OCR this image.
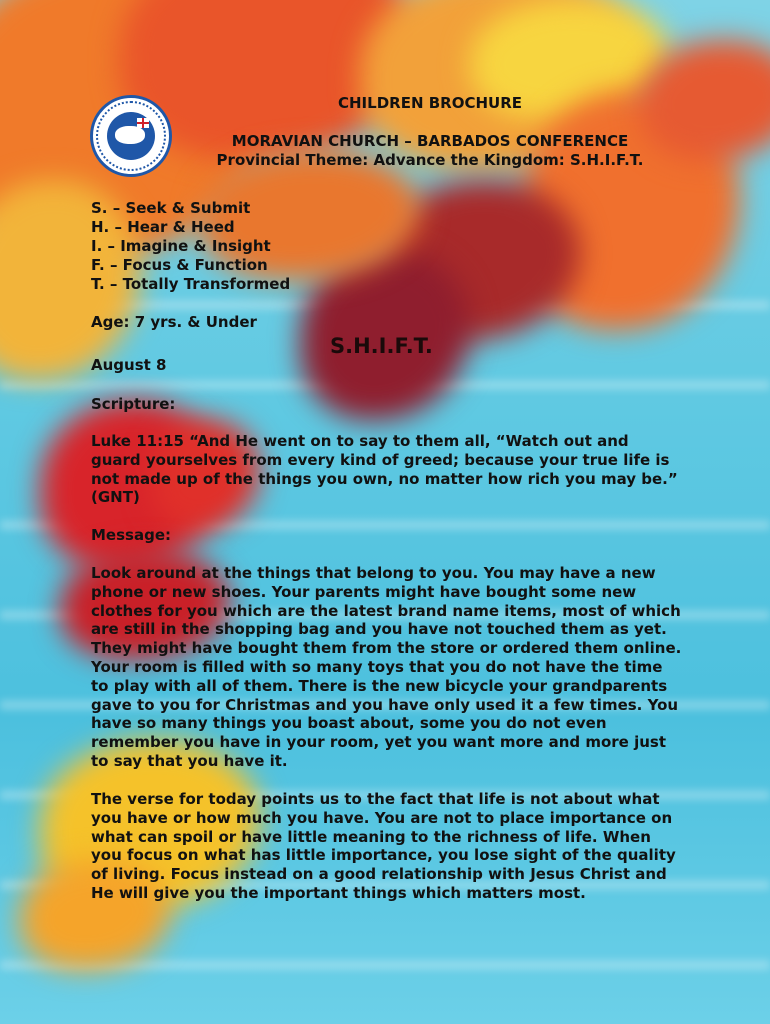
CHILDREN BROCHURE
MORAVIAN CHURCH – BARBADOS CONFERENCE
Provincial Theme: Advance the Kingdom: S.H.I.F.T.
S. – Seek & Submit
H. – Hear & Heed
I. – Imagine & Insight
F. – Focus & Function
T. – Totally Transformed
Age: 7 yrs. & Under
S.H.I.F.T.
August 8
Scripture:
Luke 11:15 “And He went on to say to them all, “Watch out and guard yourselves from every kind of greed; because your true life is not made up of the things you own, no matter how rich you may be.” (GNT)
Message:
Look around at the things that belong to you. You may have a new phone or new shoes. Your parents might have bought some new clothes for you which are the latest brand name items, most of which are still in the shopping bag and you have not touched them as yet. They might have bought them from the store or ordered them online. Your room is filled with so many toys that you do not have the time to play with all of them. There is the new bicycle your grandparents gave to you for Christmas and you have only used it a few times. You have so many things you boast about, some you do not even remember you have in your room, yet you want more and more just to say that you have it.
The verse for today points us to the fact that life is not about what you have or how much you have. You are not to place importance on what can spoil or have little meaning to the richness of life. When you focus on what has little importance, you lose sight of the quality of living. Focus instead on a good relationship with Jesus Christ and He will give you the important things which matters most.
